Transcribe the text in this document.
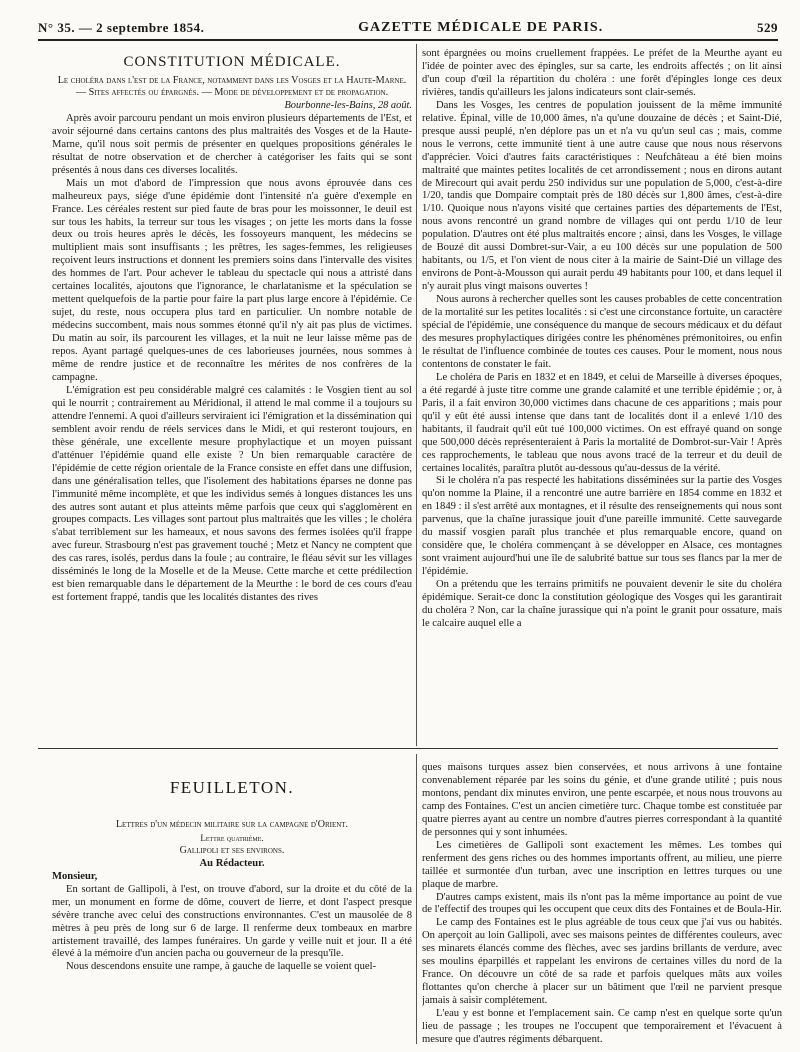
N° 35. — 2 septembre 1854.	GAZETTE MÉDICALE DE PARIS.	529
CONSTITUTION MÉDICALE.

Le choléra dans l'est de la France, notamment dans les Vosges et la Haute-Marne. — Sites affectés ou épargnés. — Mode de développement et de propagation.

Bourbonne-les-Bains, 28 août.

Après avoir parcouru pendant un mois environ plusieurs départements de l'Est, et avoir séjourné dans certains cantons des plus maltraités des Vosges et de la Haute-Marne, qu'il nous soit permis de présenter en quelques propositions générales le résultat de notre observation et de chercher à catégoriser les faits qui se sont présentés à nous dans ces diverses localités.

Mais un mot d'abord de l'impression que nous avons éprouvée dans ces malheureux pays, siége d'une épidémie dont l'intensité n'a guère d'exemple en France. Les céréales restent sur pied faute de bras pour les moissonner, le deuil est sur tous les habits, la terreur sur tous les visages ; on jette les morts dans la fosse deux ou trois heures après le décès, les fossoyeurs manquent, les médecins se multiplient mais sont insuffisants ; les prêtres, les sages-femmes, les religieuses reçoivent leurs instructions et donnent les premiers soins dans l'intervalle des visites des hommes de l'art. Pour achever le tableau du spectacle qui nous a attristé dans certaines localités, ajoutons que l'ignorance, le charlatanisme et la spéculation se mettent quelquefois de la partie pour faire la part plus large encore à l'épidémie. Ce sujet, du reste, nous occupera plus tard en particulier. Un nombre notable de médecins succombent, mais nous sommes étonné qu'il n'y ait pas plus de victimes. Du matin au soir, ils parcourent les villages, et la nuit ne leur laisse même pas de repos. Ayant partagé quelques-unes de ces laborieuses journées, nous sommes à même de rendre justice et de reconnaître les mérites de nos confrères de la campagne.

L'émigration est peu considérable malgré ces calamités : le Vosgien tient au sol qui le nourrit ; contrairement au Méridional, il attend le mal comme il a toujours su attendre l'ennemi. A quoi d'ailleurs serviraient ici l'émigration et la dissémination qui semblent avoir rendu de réels services dans le Midi, et qui resteront toujours, en thèse générale, une excellente mesure prophylactique et un moyen puissant d'atténuer l'épidémie quand elle existe ? Un bien remarquable caractère de l'épidémie de cette région orientale de la France consiste en effet dans une diffusion, dans une généralisation telles, que l'isolement des habitations éparses ne donne pas l'immunité même incomplète, et que les individus semés à longues distances les uns des autres sont autant et plus atteints même parfois que ceux qui s'agglomèrent en groupes compacts. Les villages sont partout plus maltraités que les villes ; le choléra s'abat terriblement sur les hameaux, et nous savons des fermes isolées qu'il frappe avec fureur. Strasbourg n'est pas gravement touché ; Metz et Nancy ne comptent que des cas rares, isolés, perdus dans la foule ; au contraire, le fléau sévit sur les villages disséminés le long de la Moselle et de la Meuse. Cette marche et cette prédilection est bien remarquable dans le département de la Meurthe : le bord de ces cours d'eau est fortement frappé, tandis que les localités distantes des rives

sont épargnées ou moins cruellement frappées. Le préfet de la Meurthe ayant eu l'idée de pointer avec des épingles, sur sa carte, les endroits affectés ; on lit ainsi d'un coup d'œil la répartition du choléra : une forêt d'épingles longe ces deux rivières, tandis qu'ailleurs les jalons indicateurs sont clair-semés.

Dans les Vosges, les centres de population jouissent de la même immunité relative. Épinal, ville de 10,000 âmes, n'a qu'une douzaine de décès ; et Saint-Dié, presque aussi peuplé, n'en déplore pas un et n'a vu qu'un seul cas ; mais, comme nous le verrons, cette immunité tient à une autre cause que nous nous réservons d'apprécier. Voici d'autres faits caractéristiques : Neufchâteau a été bien moins maltraité que maintes petites localités de cet arrondissement ; nous en dirons autant de Mirecourt qui avait perdu 250 individus sur une population de 5,000, c'est-à-dire 1/20, tandis que Dompaire comptait près de 180 décès sur 1,800 âmes, c'est-à-dire 1/10. Quoique nous n'ayons visité que certaines parties des départements de l'Est, nous avons rencontré un grand nombre de villages qui ont perdu 1/10 de leur population. D'autres ont été plus maltraités encore ; ainsi, dans les Vosges, le village de Bouzé dit aussi Dombret-sur-Vair, a eu 100 décès sur une population de 500 habitants, ou 1/5, et l'on vient de nous citer à la mairie de Saint-Dié un village des environs de Pont-à-Mousson qui aurait perdu 49 habitants pour 100, et dans lequel il n'y aurait plus vingt maisons ouvertes !

Nous aurons à rechercher quelles sont les causes probables de cette concentration de la mortalité sur les petites localités : si c'est une circonstance fortuite, un caractère spécial de l'épidémie, une conséquence du manque de secours médicaux et du défaut des mesures prophylactiques dirigées contre les phénomènes prémonitoires, ou enfin le résultat de l'influence combinée de toutes ces causes. Pour le moment, nous nous contentons de constater le fait.

Le choléra de Paris en 1832 et en 1849, et celui de Marseille à diverses époques, a été regardé à juste titre comme une grande calamité et une terrible épidémie ; or, à Paris, il a fait environ 30,000 victimes dans chacune de ces apparitions ; mais pour qu'il y eût été aussi intense que dans tant de localités dont il a enlevé 1/10 des habitants, il faudrait qu'il eût tué 100,000 victimes. On est effrayé quand on songe que 500,000 décès représenteraient à Paris la mortalité de Dombrot-sur-Vair ! Après ces rapprochements, le tableau que nous avons tracé de la terreur et du deuil de certaines localités, paraîtra plutôt au-dessous qu'au-dessus de la vérité.

Si le choléra n'a pas respecté les habitations disséminées sur la partie des Vosges qu'on nomme la Plaine, il a rencontré une autre barrière en 1854 comme en 1832 et en 1849 : il s'est arrêté aux montagnes, et il résulte des renseignements qui nous sont parvenus, que la chaîne jurassique jouit d'une pareille immunité. Cette sauvegarde du massif vosgien paraît plus tranchée et plus remarquable encore, quand on considère que, le choléra commençant à se développer en Alsace, ces montagnes sont vraiment aujourd'hui une île de salubrité battue sur tous ses flancs par la mer de l'épidémie.

On a prétendu que les terrains primitifs ne pouvaient devenir le site du choléra épidémique. Serait-ce donc la constitution géologique des Vosges qui les garantirait du choléra ? Non, car la chaîne jurassique qui n'a point le granit pour ossature, mais le calcaire auquel elle a

FEUILLETON.

Lettres d'un médecin militaire sur la campagne d'Orient.

Lettre quatrième.

Gallipoli et ses environs.

Au Rédacteur.

Monsieur,

En sortant de Gallipoli, à l'est, on trouve d'abord, sur la droite et du côté de la mer, un monument en forme de dôme, couvert de lierre, et dont l'aspect presque sévère tranche avec celui des constructions environnantes. C'est un mausolée de 8 mètres à peu près de long sur 6 de large. Il renferme deux tombeaux en marbre artistement travaillé, des lampes funéraires. Un garde y veille nuit et jour. Il a été élevé à la mémoire d'un ancien pacha ou gouverneur de la presqu'île.

Nous descendons ensuite une rampe, à gauche de laquelle se voient quel-

ques maisons turques assez bien conservées, et nous arrivons à une fontaine convenablement réparée par les soins du génie, et d'une grande utilité ; puis nous montons, pendant dix minutes environ, une pente escarpée, et nous nous trouvons au camp des Fontaines. C'est un ancien cimetière turc. Chaque tombe est constituée par quatre pierres ayant au centre un nombre d'autres pierres correspondant à la quantité de personnes qui y sont inhumées.

Les cimetières de Gallipoli sont exactement les mêmes. Les tombes qui renferment des gens riches ou des hommes importants offrent, au milieu, une pierre taillée et surmontée d'un turban, avec une inscription en lettres turques ou une plaque de marbre.

D'autres camps existent, mais ils n'ont pas la même importance au point de vue de l'effectif des troupes qui les occupent que ceux dits des Fontaines et de Boula-Hir.

Le camp des Fontaines est le plus agréable de tous ceux que j'ai vus ou habités. On aperçoit au loin Gallipoli, avec ses maisons peintes de différentes couleurs, avec ses minarets élancés comme des flèches, avec ses jardins brillants de verdure, avec ses moulins éparpillés et rappelant les environs de certaines villes du nord de la France. On découvre un côté de sa rade et parfois quelques mâts aux voiles flottantes qu'on cherche à placer sur un bâtiment que l'œil ne parvient presque jamais à saisir complétement.

L'eau y est bonne et l'emplacement sain. Ce camp n'est en quelque sorte qu'un lieu de passage ; les troupes ne l'occupent que temporairement et l'évacuent à mesure que d'autres régiments débarquent.
